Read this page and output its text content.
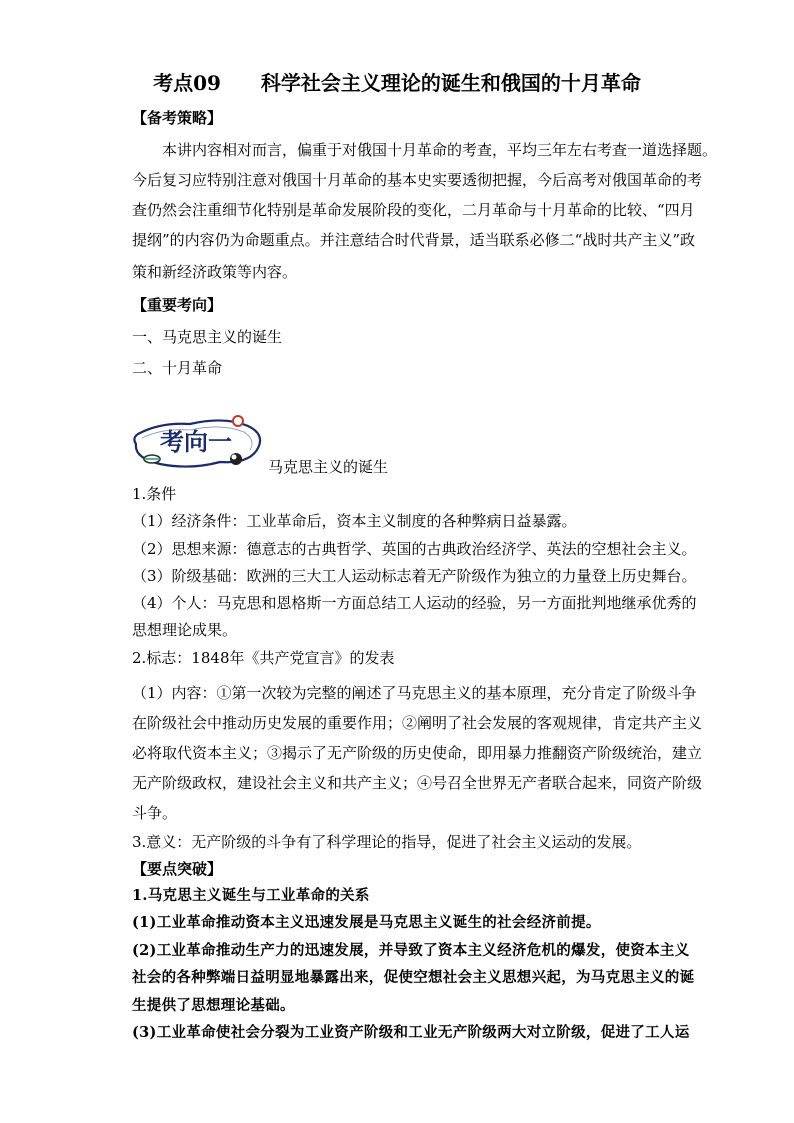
考点09 科学社会主义理论的诞生和俄国的十月革命
【备考策略】
本讲内容相对而言，偏重于对俄国十月革命的考查，平均三年左右考查一道选择题。
今后复习应特别注意对俄国十月革命的基本史实要透彻把握，今后高考对俄国革命的考
查仍然会注重细节化特别是革命发展阶段的变化，二月革命与十月革命的比较、“四月
提纲”的内容仍为命题重点。并注意结合时代背景，适当联系必修二“战时共产主义”政
策和新经济政策等内容。
【重要考向】
一、马克思主义的诞生
二、十月革命
考向一
马克思主义的诞生
1.条件
（1）经济条件：工业革命后，资本主义制度的各种弊病日益暴露。
（2）思想来源：德意志的古典哲学、英国的古典政治经济学、英法的空想社会主义。
（3）阶级基础：欧洲的三大工人运动标志着无产阶级作为独立的力量登上历史舞台。
（4）个人：马克思和恩格斯一方面总结工人运动的经验，另一方面批判地继承优秀的
思想理论成果。
2.标志：1848年《共产党宣言》的发表
（1）内容：①第一次较为完整的阐述了马克思主义的基本原理，充分肯定了阶级斗争
在阶级社会中推动历史发展的重要作用；②阐明了社会发展的客观规律，肯定共产主义
必将取代资本主义；③揭示了无产阶级的历史使命，即用暴力推翻资产阶级统治，建立
无产阶级政权，建设社会主义和共产主义；④号召全世界无产者联合起来，同资产阶级
斗争。
3.意义：无产阶级的斗争有了科学理论的指导，促进了社会主义运动的发展。
【要点突破】
1.马克思主义诞生与工业革命的关系
(1)工业革命推动资本主义迅速发展是马克思主义诞生的社会经济前提。
(2)工业革命推动生产力的迅速发展，并导致了资本主义经济危机的爆发，使资本主义
社会的各种弊端日益明显地暴露出来，促使空想社会主义思想兴起，为马克思主义的诞
生提供了思想理论基础。
(3)工业革命使社会分裂为工业资产阶级和工业无产阶级两大对立阶级，促进了工人运
